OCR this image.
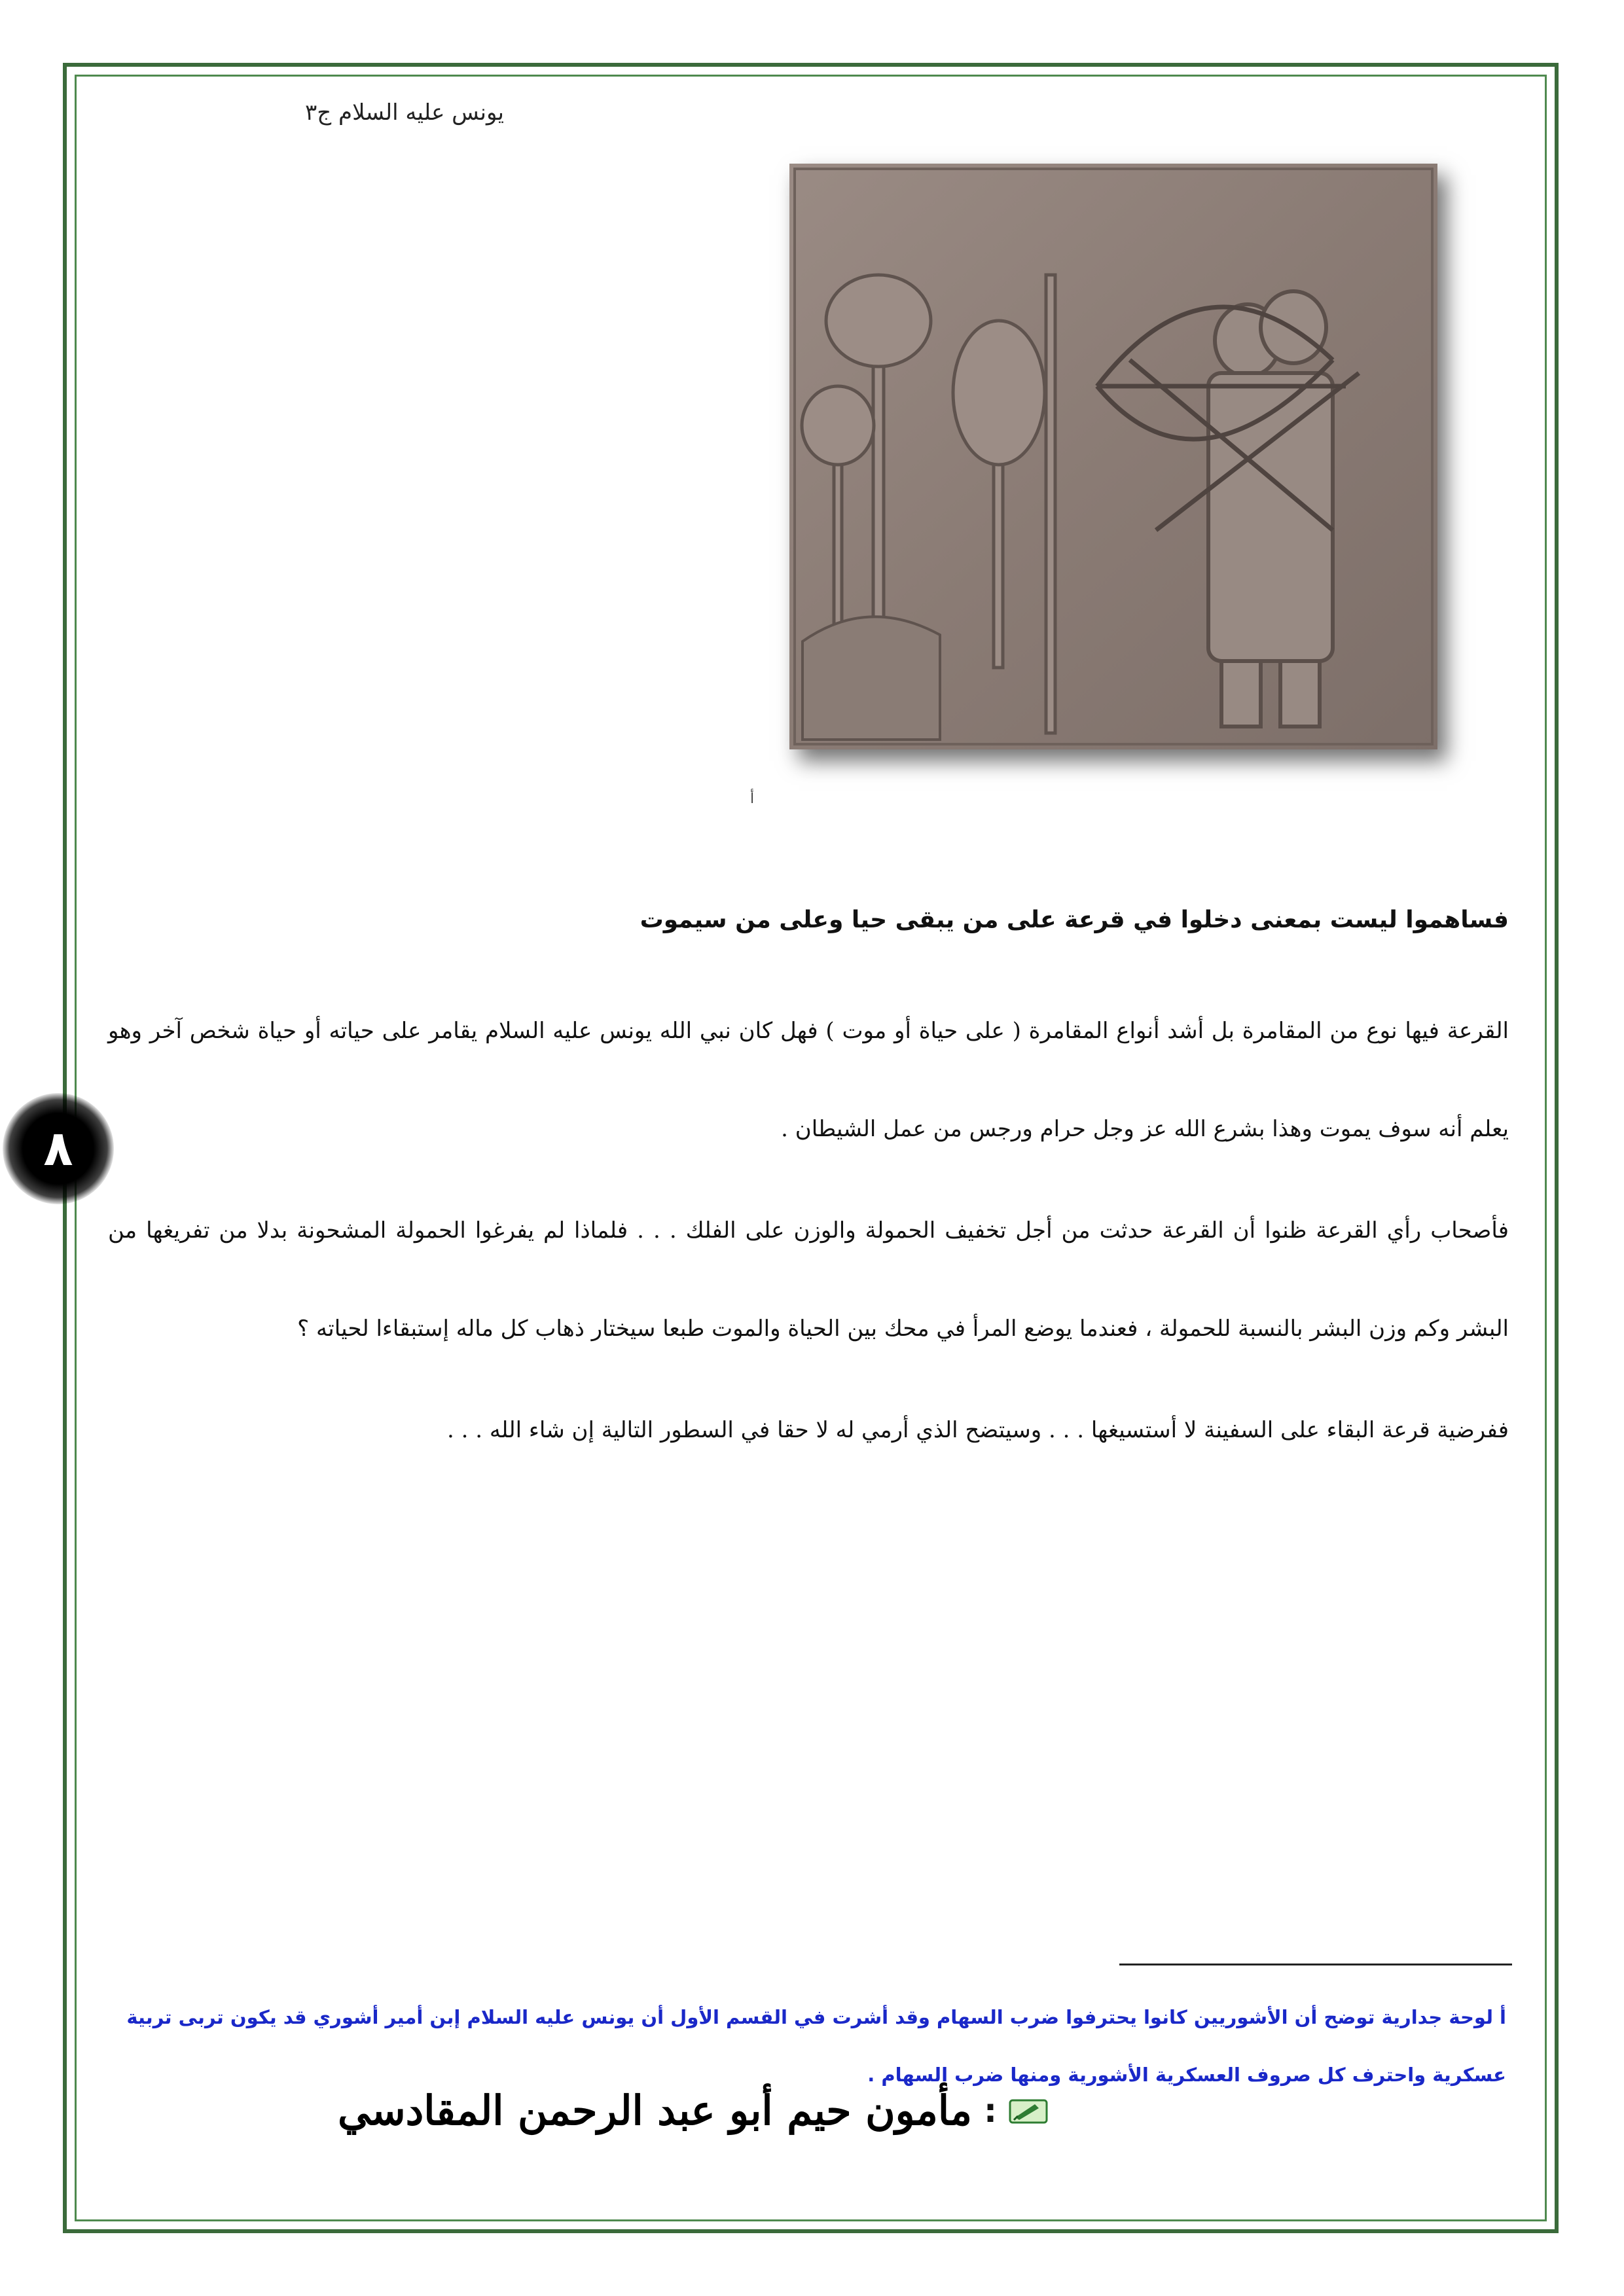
يونس عليه السلام ج٣
أ
٨
فساهموا ليست بمعنى دخلوا في قرعة على من يبقى حيا وعلى من سيموت
القرعة فيها نوع من المقامرة بل أشد أنواع المقامرة ( على حياة أو موت ) فهل كان نبي الله يونس عليه السلام يقامر على حياته أو حياة شخص آخر وهو يعلم أنه سوف يموت وهذا بشرع الله عز وجل حرام ورجس من عمل الشيطان .
فأصحاب رأي القرعة ظنوا أن القرعة حدثت من أجل تخفيف الحمولة والوزن على الفلك . . . فلماذا لم يفرغوا الحمولة المشحونة بدلا من تفريغها من البشر وكم وزن البشر بالنسبة للحمولة ، فعندما يوضع المرأ في محك بين الحياة والموت طبعا سيختار ذهاب كل ماله إستبقاءا لحياته ؟
ففرضية قرعة البقاء على السفينة لا أستسيغها . . . وسيتضح الذي أرمي له لا حقا في السطور التالية إن شاء الله . . .
أ لوحة جدارية توضح أن الأشوريين كانوا يحترفوا ضرب السهام وقد أشرت في القسم الأول أن يونس عليه السلام إبن أمير أشوري قد يكون تربى تربية عسكرية واحترف كل صروف العسكرية الأشورية ومنها ضرب السهام .
:
مأمون حيم أبو عبد الرحمن المقادسي
